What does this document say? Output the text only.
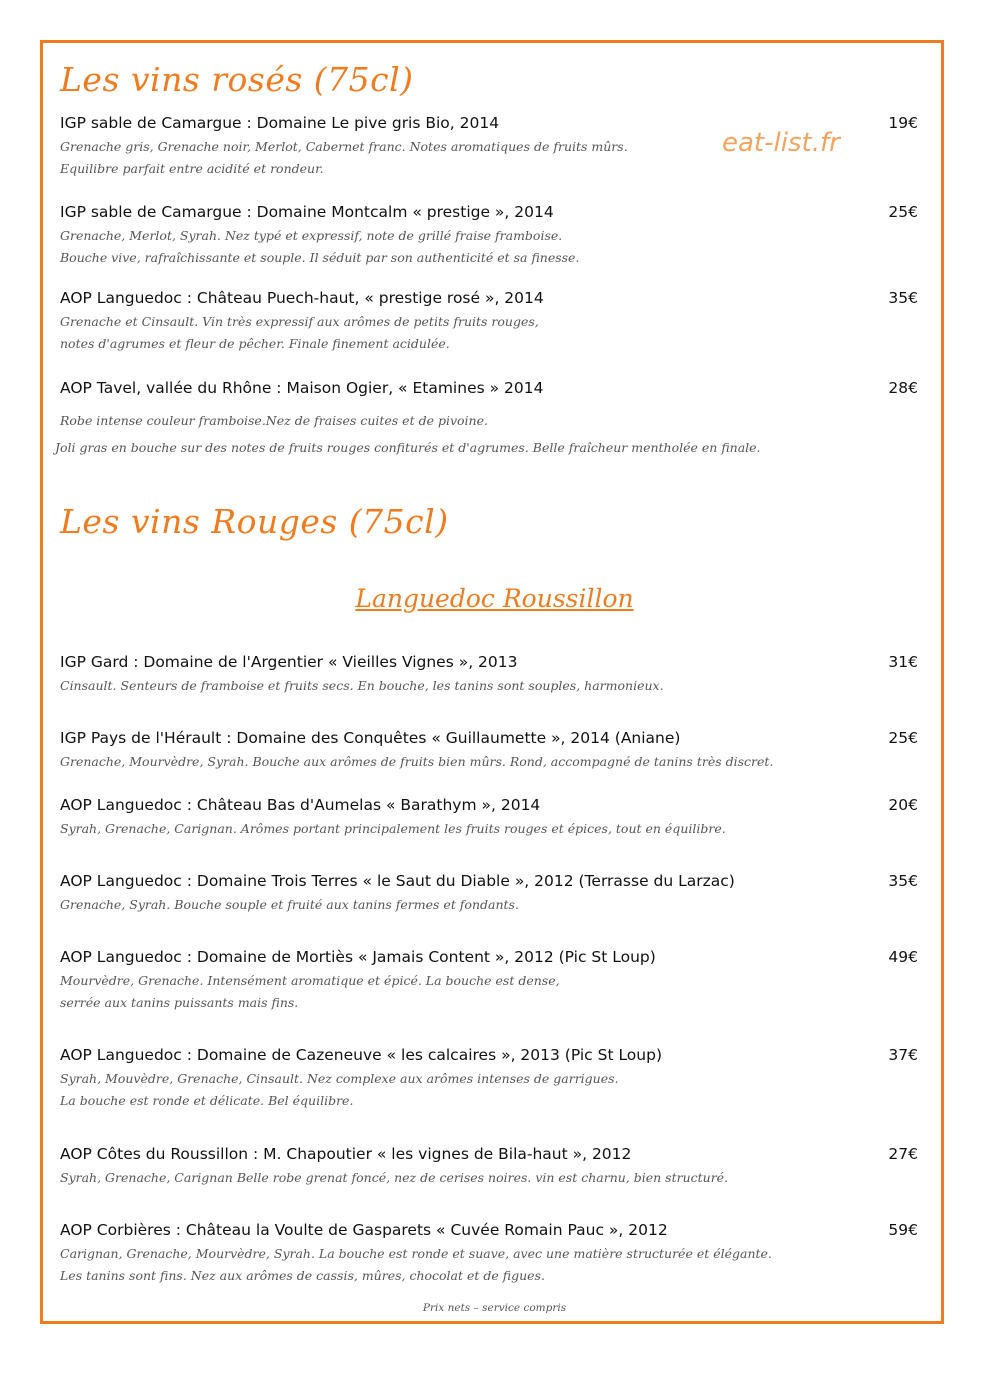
Les vins rosés (75cl)
eat-list.fr
IGP sable de Camargue : Domaine Le pive gris Bio, 2014	19€
Grenache gris, Grenache noir, Merlot, Cabernet franc. Notes aromatiques de fruits mûrs.
Equilibre parfait entre acidité et rondeur.
IGP sable de Camargue : Domaine Montcalm « prestige », 2014	25€
Grenache, Merlot, Syrah. Nez typé et expressif, note de grillé fraise framboise.
Bouche vive, rafraîchissante et souple. Il séduit par son authenticité et sa finesse.
AOP Languedoc : Château Puech-haut, « prestige rosé », 2014	35€
Grenache et Cinsault. Vin très expressif aux arômes de petits fruits rouges,
notes d'agrumes et fleur de pêcher. Finale finement acidulée.
AOP Tavel, vallée du Rhône : Maison Ogier, « Etamines » 2014	28€
Robe intense couleur framboise.Nez de fraises cuites et de pivoine.
Joli gras en bouche sur des notes de fruits rouges confiturés et d'agrumes. Belle fraîcheur mentholée en finale.
Les vins Rouges (75cl)
Languedoc Roussillon
IGP Gard : Domaine de l'Argentier « Vieilles Vignes », 2013	31€
Cinsault. Senteurs de framboise et fruits secs. En bouche, les tanins sont souples, harmonieux.
IGP Pays de l'Hérault : Domaine des Conquêtes « Guillaumette », 2014 (Aniane)	25€
Grenache, Mourvèdre, Syrah. Bouche aux arômes de fruits bien mûrs. Rond, accompagné de tanins très discret.
AOP Languedoc : Château Bas d'Aumelas « Barathym », 2014	20€
Syrah, Grenache, Carignan. Arômes portant principalement les fruits rouges et épices, tout en équilibre.
AOP Languedoc : Domaine Trois Terres « le Saut du Diable », 2012 (Terrasse du Larzac)	35€
Grenache, Syrah. Bouche souple et fruité aux tanins fermes et fondants.
AOP Languedoc : Domaine de Mortiès « Jamais Content », 2012 (Pic St Loup)	49€
Mourvèdre, Grenache. Intensément aromatique et épicé. La bouche est dense,
serrée aux tanins puissants mais fins.
AOP Languedoc : Domaine de Cazeneuve « les calcaires », 2013 (Pic St Loup)	37€
Syrah, Mouvèdre, Grenache, Cinsault. Nez complexe aux arômes intenses de garrigues.
La bouche est ronde et délicate. Bel équilibre.
AOP Côtes du Roussillon : M. Chapoutier « les vignes de Bila-haut », 2012	27€
Syrah, Grenache, Carignan Belle robe grenat foncé, nez de cerises noires. vin est charnu, bien structuré.
AOP Corbières : Château la Voulte de Gasparets « Cuvée Romain Pauc », 2012	59€
Carignan, Grenache, Mourvèdre, Syrah. La bouche est ronde et suave, avec une matière structurée et élégante.
Les tanins sont fins. Nez aux arômes de cassis, mûres, chocolat et de figues.
Prix nets – service compris
